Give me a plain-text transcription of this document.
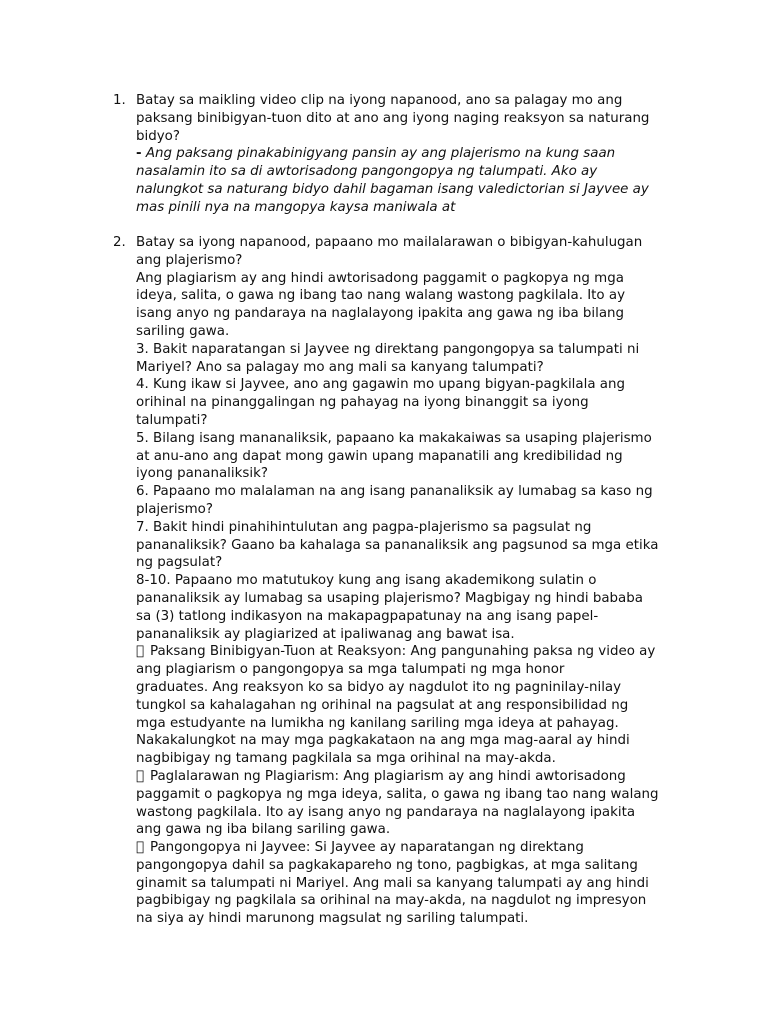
1. Batay sa maikling video clip na iyong napanood, ano sa palagay mo ang
paksang binibigyan-tuon dito at ano ang iyong naging reaksyon sa naturang
bidyo?
- Ang paksang pinakabinigyang pansin ay ang plajerismo na kung saan
nasalamin ito sa di awtorisadong pangongopya ng talumpati. Ako ay
nalungkot sa naturang bidyo dahil bagaman isang valedictorian si Jayvee ay
mas pinili nya na mangopya kaysa maniwala at
2. Batay sa iyong napanood, papaano mo mailalarawan o bibigyan-kahulugan
ang plajerismo?
Ang plagiarism ay ang hindi awtorisadong paggamit o pagkopya ng mga
ideya, salita, o gawa ng ibang tao nang walang wastong pagkilala. Ito ay
isang anyo ng pandaraya na naglalayong ipakita ang gawa ng iba bilang
sariling gawa.
3. Bakit naparatangan si Jayvee ng direktang pangongopya sa talumpati ni
Mariyel? Ano sa palagay mo ang mali sa kanyang talumpati?
4. Kung ikaw si Jayvee, ano ang gagawin mo upang bigyan-pagkilala ang
orihinal na pinanggalingan ng pahayag na iyong binanggit sa iyong
talumpati?
5. Bilang isang mananaliksik, papaano ka makakaiwas sa usaping plajerismo
at anu-ano ang dapat mong gawin upang mapanatili ang kredibilidad ng
iyong pananaliksik?
6. Papaano mo malalaman na ang isang pananaliksik ay lumabag sa kaso ng
plajerismo?
7. Bakit hindi pinahihintulutan ang pagpa-plajerismo sa pagsulat ng
pananaliksik? Gaano ba kahalaga sa pananaliksik ang pagsunod sa mga etika
ng pagsulat?
8-10. Papaano mo matutukoy kung ang isang akademikong sulatin o
pananaliksik ay lumabag sa usaping plajerismo? Magbigay ng hindi bababa
sa (3) tatlong indikasyon na makapagpapatunay na ang isang papel-
pananaliksik ay plagiarized at ipaliwanag ang bawat isa.
Paksang Binibigyan-Tuon at Reaksyon: Ang pangunahing paksa ng video ay
ang plagiarism o pangongopya sa mga talumpati ng mga honor
graduates. Ang reaksyon ko sa bidyo ay nagdulot ito ng pagninilay-nilay
tungkol sa kahalagahan ng orihinal na pagsulat at ang responsibilidad ng
mga estudyante na lumikha ng kanilang sariling mga ideya at pahayag.
Nakakalungkot na may mga pagkakataon na ang mga mag-aaral ay hindi
nagbibigay ng tamang pagkilala sa mga orihinal na may-akda.
Paglalarawan ng Plagiarism: Ang plagiarism ay ang hindi awtorisadong
paggamit o pagkopya ng mga ideya, salita, o gawa ng ibang tao nang walang
wastong pagkilala. Ito ay isang anyo ng pandaraya na naglalayong ipakita
ang gawa ng iba bilang sariling gawa.
Pangongopya ni Jayvee: Si Jayvee ay naparatangan ng direktang
pangongopya dahil sa pagkakapareho ng tono, pagbigkas, at mga salitang
ginamit sa talumpati ni Mariyel. Ang mali sa kanyang talumpati ay ang hindi
pagbibigay ng pagkilala sa orihinal na may-akda, na nagdulot ng impresyon
na siya ay hindi marunong magsulat ng sariling talumpati.
